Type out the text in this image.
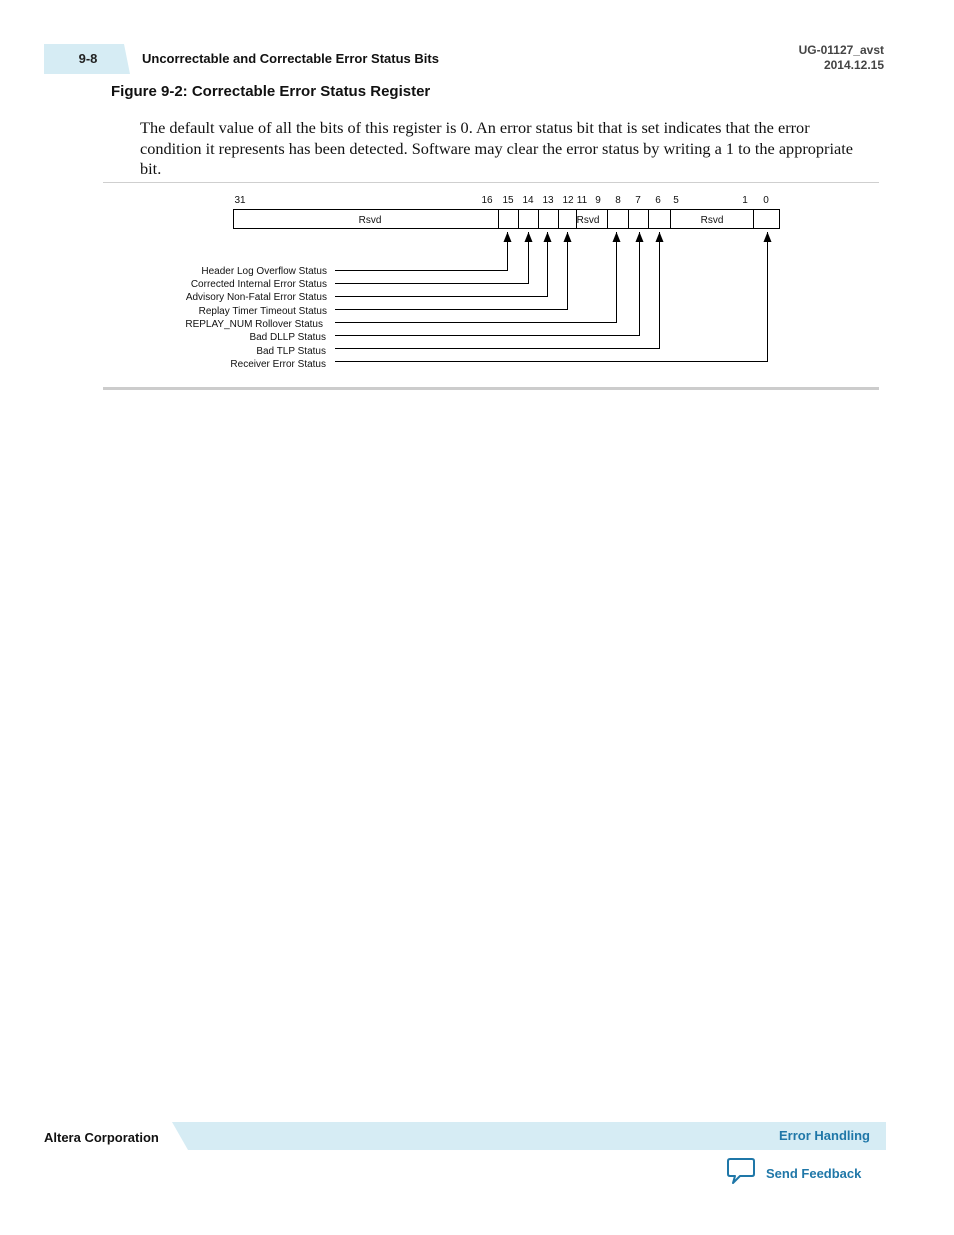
9-8	Uncorrectable and Correctable Error Status Bits
UG-01127_avst
2014.12.15
Figure 9-2: Correctable Error Status Register
The default value of all the bits of this register is 0. An error status bit that is set indicates that the error condition it represents has been detected. Software may clear the error status by writing a 1 to the appropriate bit.
31	16 15 14 13 12 11 9 8 7 6 5	1 0
Rsvd	Rsvd	Rsvd
Header Log Overflow Status
Corrected Internal Error Status
Advisory Non-Fatal Error Status
Replay Timer Timeout Status
REPLAY_NUM Rollover Status
Bad DLLP Status
Bad TLP Status
Receiver Error Status
Altera Corporation	Error Handling
Send Feedback
